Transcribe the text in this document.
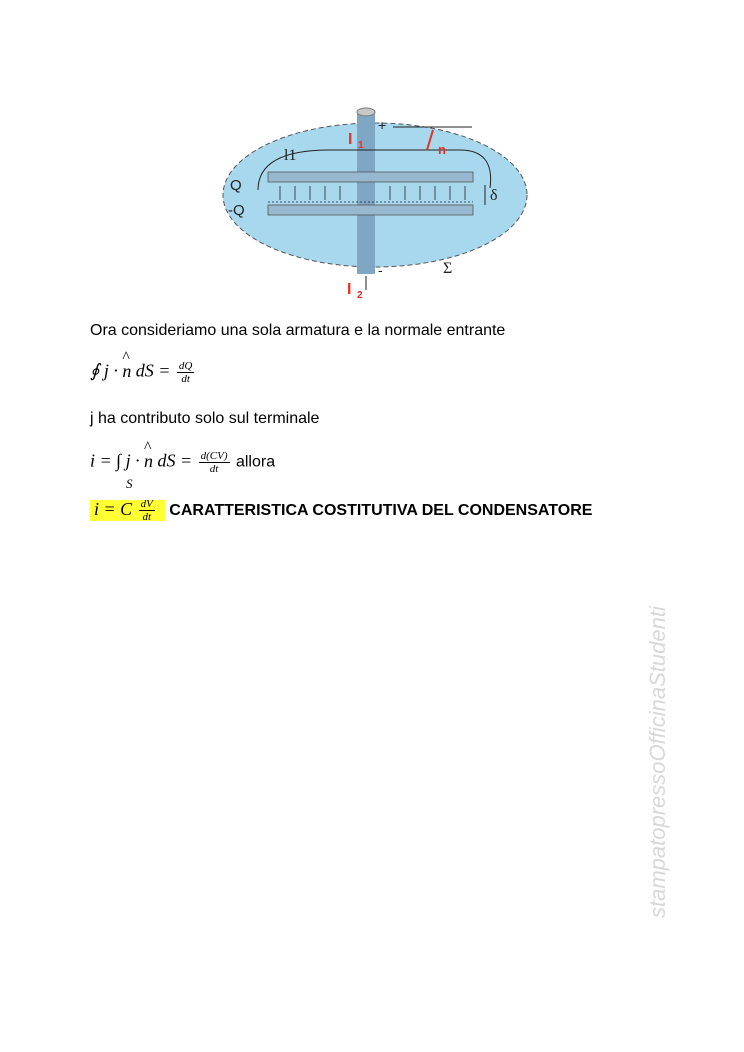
I 1	n
l1
Q
-Q
δ
Σ
+
-
I 2
Ora consideriamo una sola armatura e la normale entrante
∮ j · ^ n dS = $\frac{dQ}{dt}$
j ha contributo solo sul terminale
i = ∫ j · ^ n dS = $\frac{d(CV)}{dt}$ allora
S
i = C $\frac{dV}{dt}$ CARATTERISTICA COSTITUTIVA DEL CONDENSATORE
stampatopressoOfficinaStudenti
